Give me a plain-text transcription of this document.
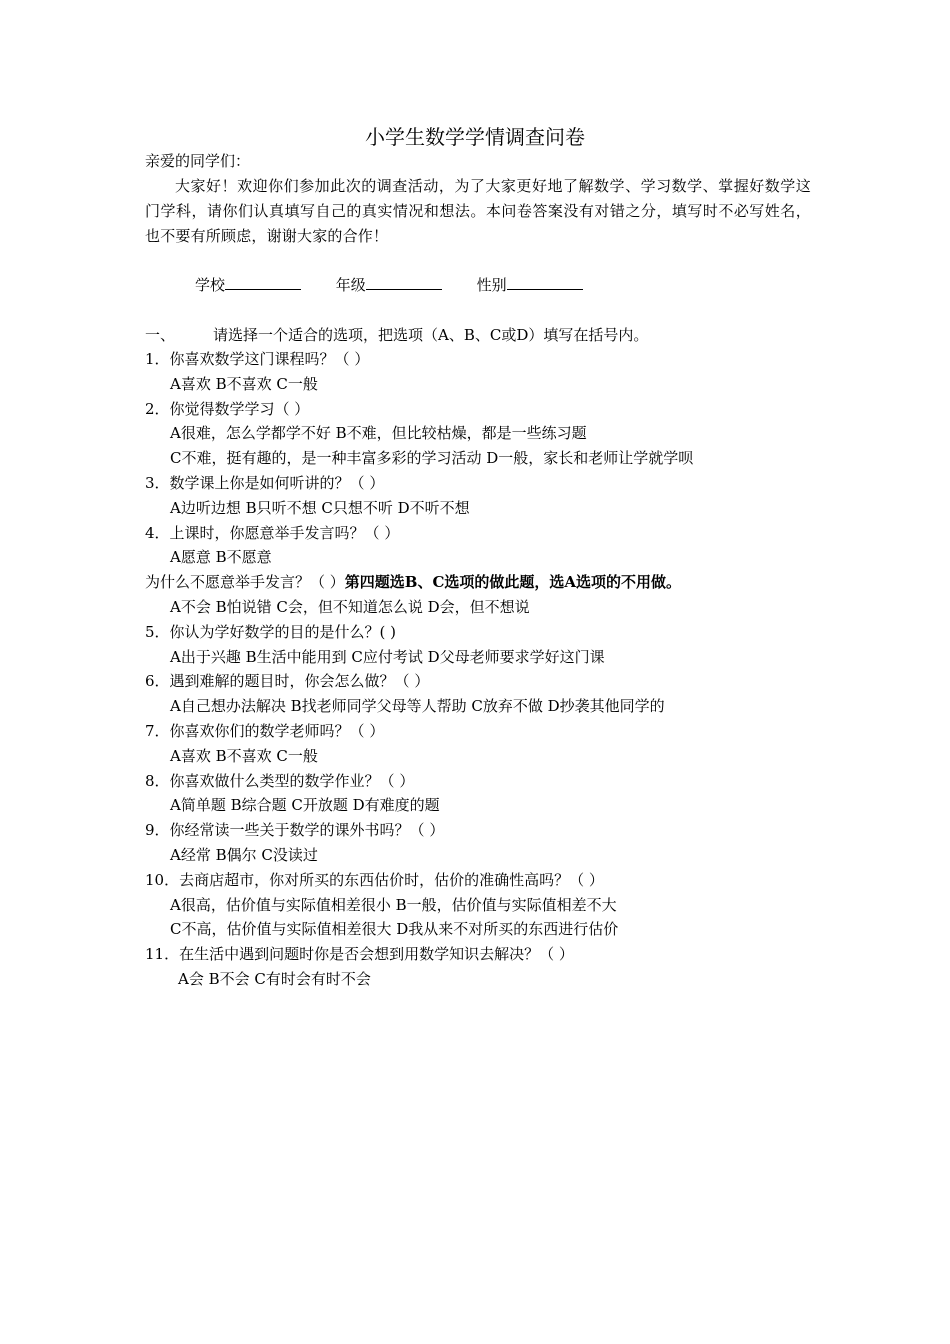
小学生数学学情调查问卷
亲爱的同学们：
大家好！欢迎你们参加此次的调查活动，为了大家更好地了解数学、学习数学、掌握好数学这门学科，请你们认真填写自己的真实情况和想法。本问卷答案没有对错之分，填写时不必写姓名，也不要有所顾虑，谢谢大家的合作！
学校	年级	性别
一、	请选择一个适合的选项，把选项（A、B、C或D）填写在括号内。
1．你喜欢数学这门课程吗？（ ）
A喜欢 B不喜欢 C一般
2．你觉得数学学习（ ）
A很难，怎么学都学不好 B不难，但比较枯燥，都是一些练习题
C不难，挺有趣的，是一种丰富多彩的学习活动 D一般，家长和老师让学就学呗
3．数学课上你是如何听讲的？（ ）
A边听边想 B只听不想 C只想不听 D不听不想
4．上课时，你愿意举手发言吗？（ ）
A愿意 B不愿意
为什么不愿意举手发言？（ ）第四题选B、C选项的做此题，选A选项的不用做。
A不会 B怕说错 C会，但不知道怎么说 D会，但不想说
5．你认为学好数学的目的是什么？( )
A出于兴趣 B生活中能用到 C应付考试 D父母老师要求学好这门课
6．遇到难解的题目时，你会怎么做？（ ）
A自己想办法解决 B找老师同学父母等人帮助 C放弃不做 D抄袭其他同学的
7．你喜欢你们的数学老师吗？（ ）
A喜欢 B不喜欢 C一般
8．你喜欢做什么类型的数学作业？（ ）
A简单题 B综合题 C开放题 D有难度的题
9．你经常读一些关于数学的课外书吗？（ ）
A经常 B偶尔 C没读过
10．去商店超市，你对所买的东西估价时，估价的准确性高吗？（ ）
A很高，估价值与实际值相差很小 B一般，估价值与实际值相差不大
C不高，估价值与实际值相差很大 D我从来不对所买的东西进行估价
11．在生活中遇到问题时你是否会想到用数学知识去解决？（ ）
A会 B不会 C有时会有时不会
